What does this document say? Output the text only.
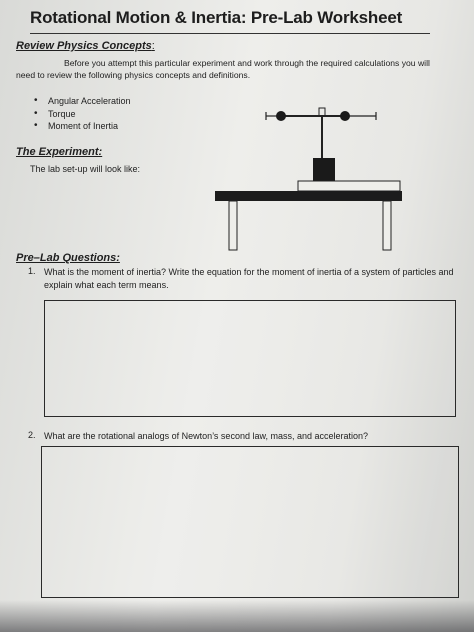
Rotational Motion & Inertia: Pre-Lab Worksheet
Review Physics Concepts:

Before you attempt this particular experiment and work through the required calculations you will need to review the following physics concepts and definitions.

• Angular Acceleration
• Torque
• Moment of Inertia
The Experiment:

The lab set-up will look like:

Pre–Lab Questions:
1. What is the moment of inertia? Write the equation for the moment of inertia of a system of particles and explain what each term means.

2. What are the rotational analogs of Newton’s second law, mass, and acceleration?
